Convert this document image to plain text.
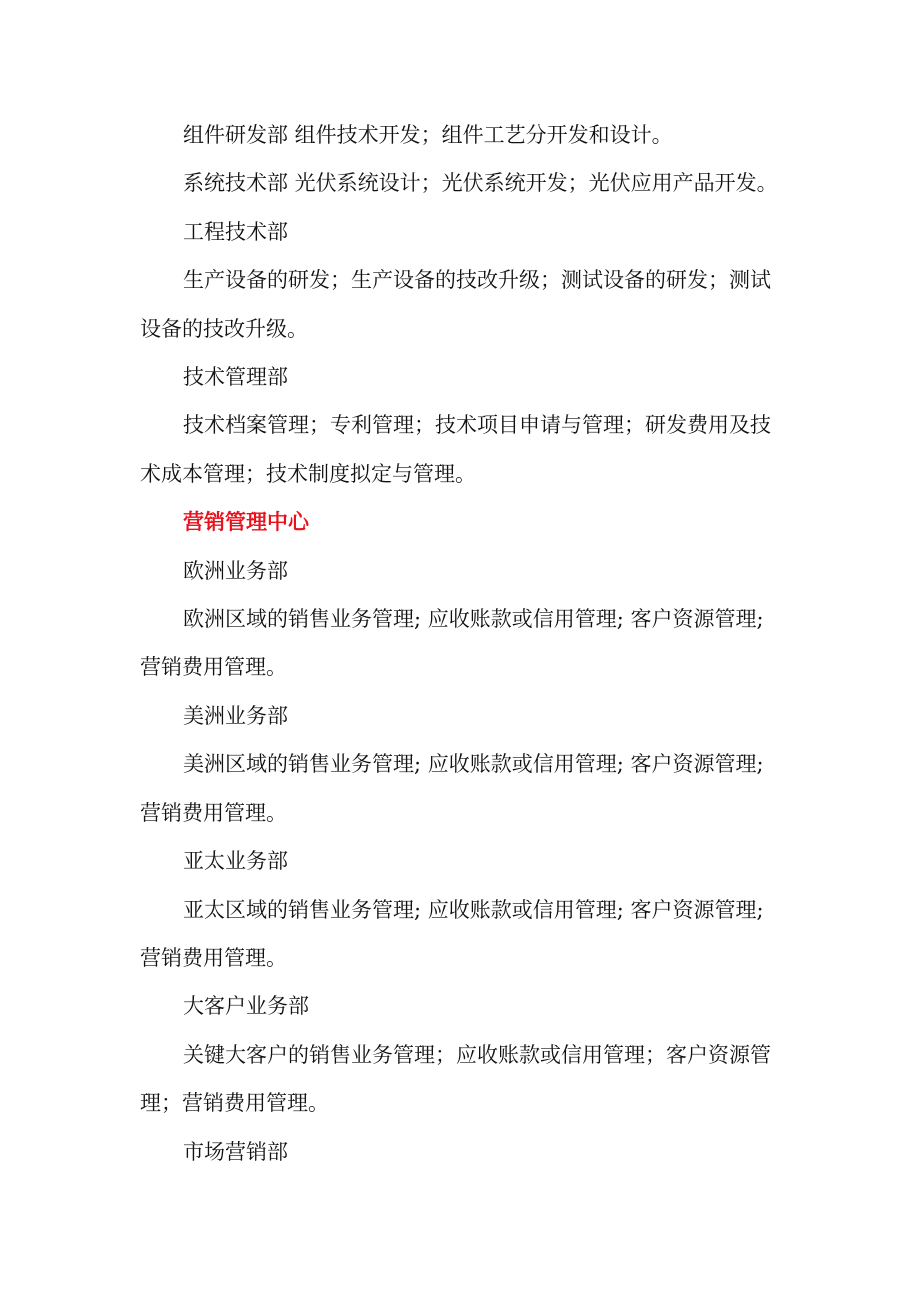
组件研发部 组件技术开发；组件工艺分开发和设计。

系统技术部 光伏系统设计；光伏系统开发；光伏应用产品开发。

工程技术部

生产设备的研发；生产设备的技改升级；测试设备的研发；测试设备的技改升级。

技术管理部

技术档案管理；专利管理；技术项目申请与管理；研发费用及技术成本管理；技术制度拟定与管理。

营销管理中心

欧洲业务部

欧洲区域的销售业务管理; 应收账款或信用管理; 客户资源管理; 营销费用管理。

美洲业务部

美洲区域的销售业务管理; 应收账款或信用管理; 客户资源管理; 营销费用管理。

亚太业务部

亚太区域的销售业务管理; 应收账款或信用管理; 客户资源管理; 营销费用管理。

大客户业务部

关键大客户的销售业务管理；应收账款或信用管理；客户资源管理；营销费用管理。

市场营销部
